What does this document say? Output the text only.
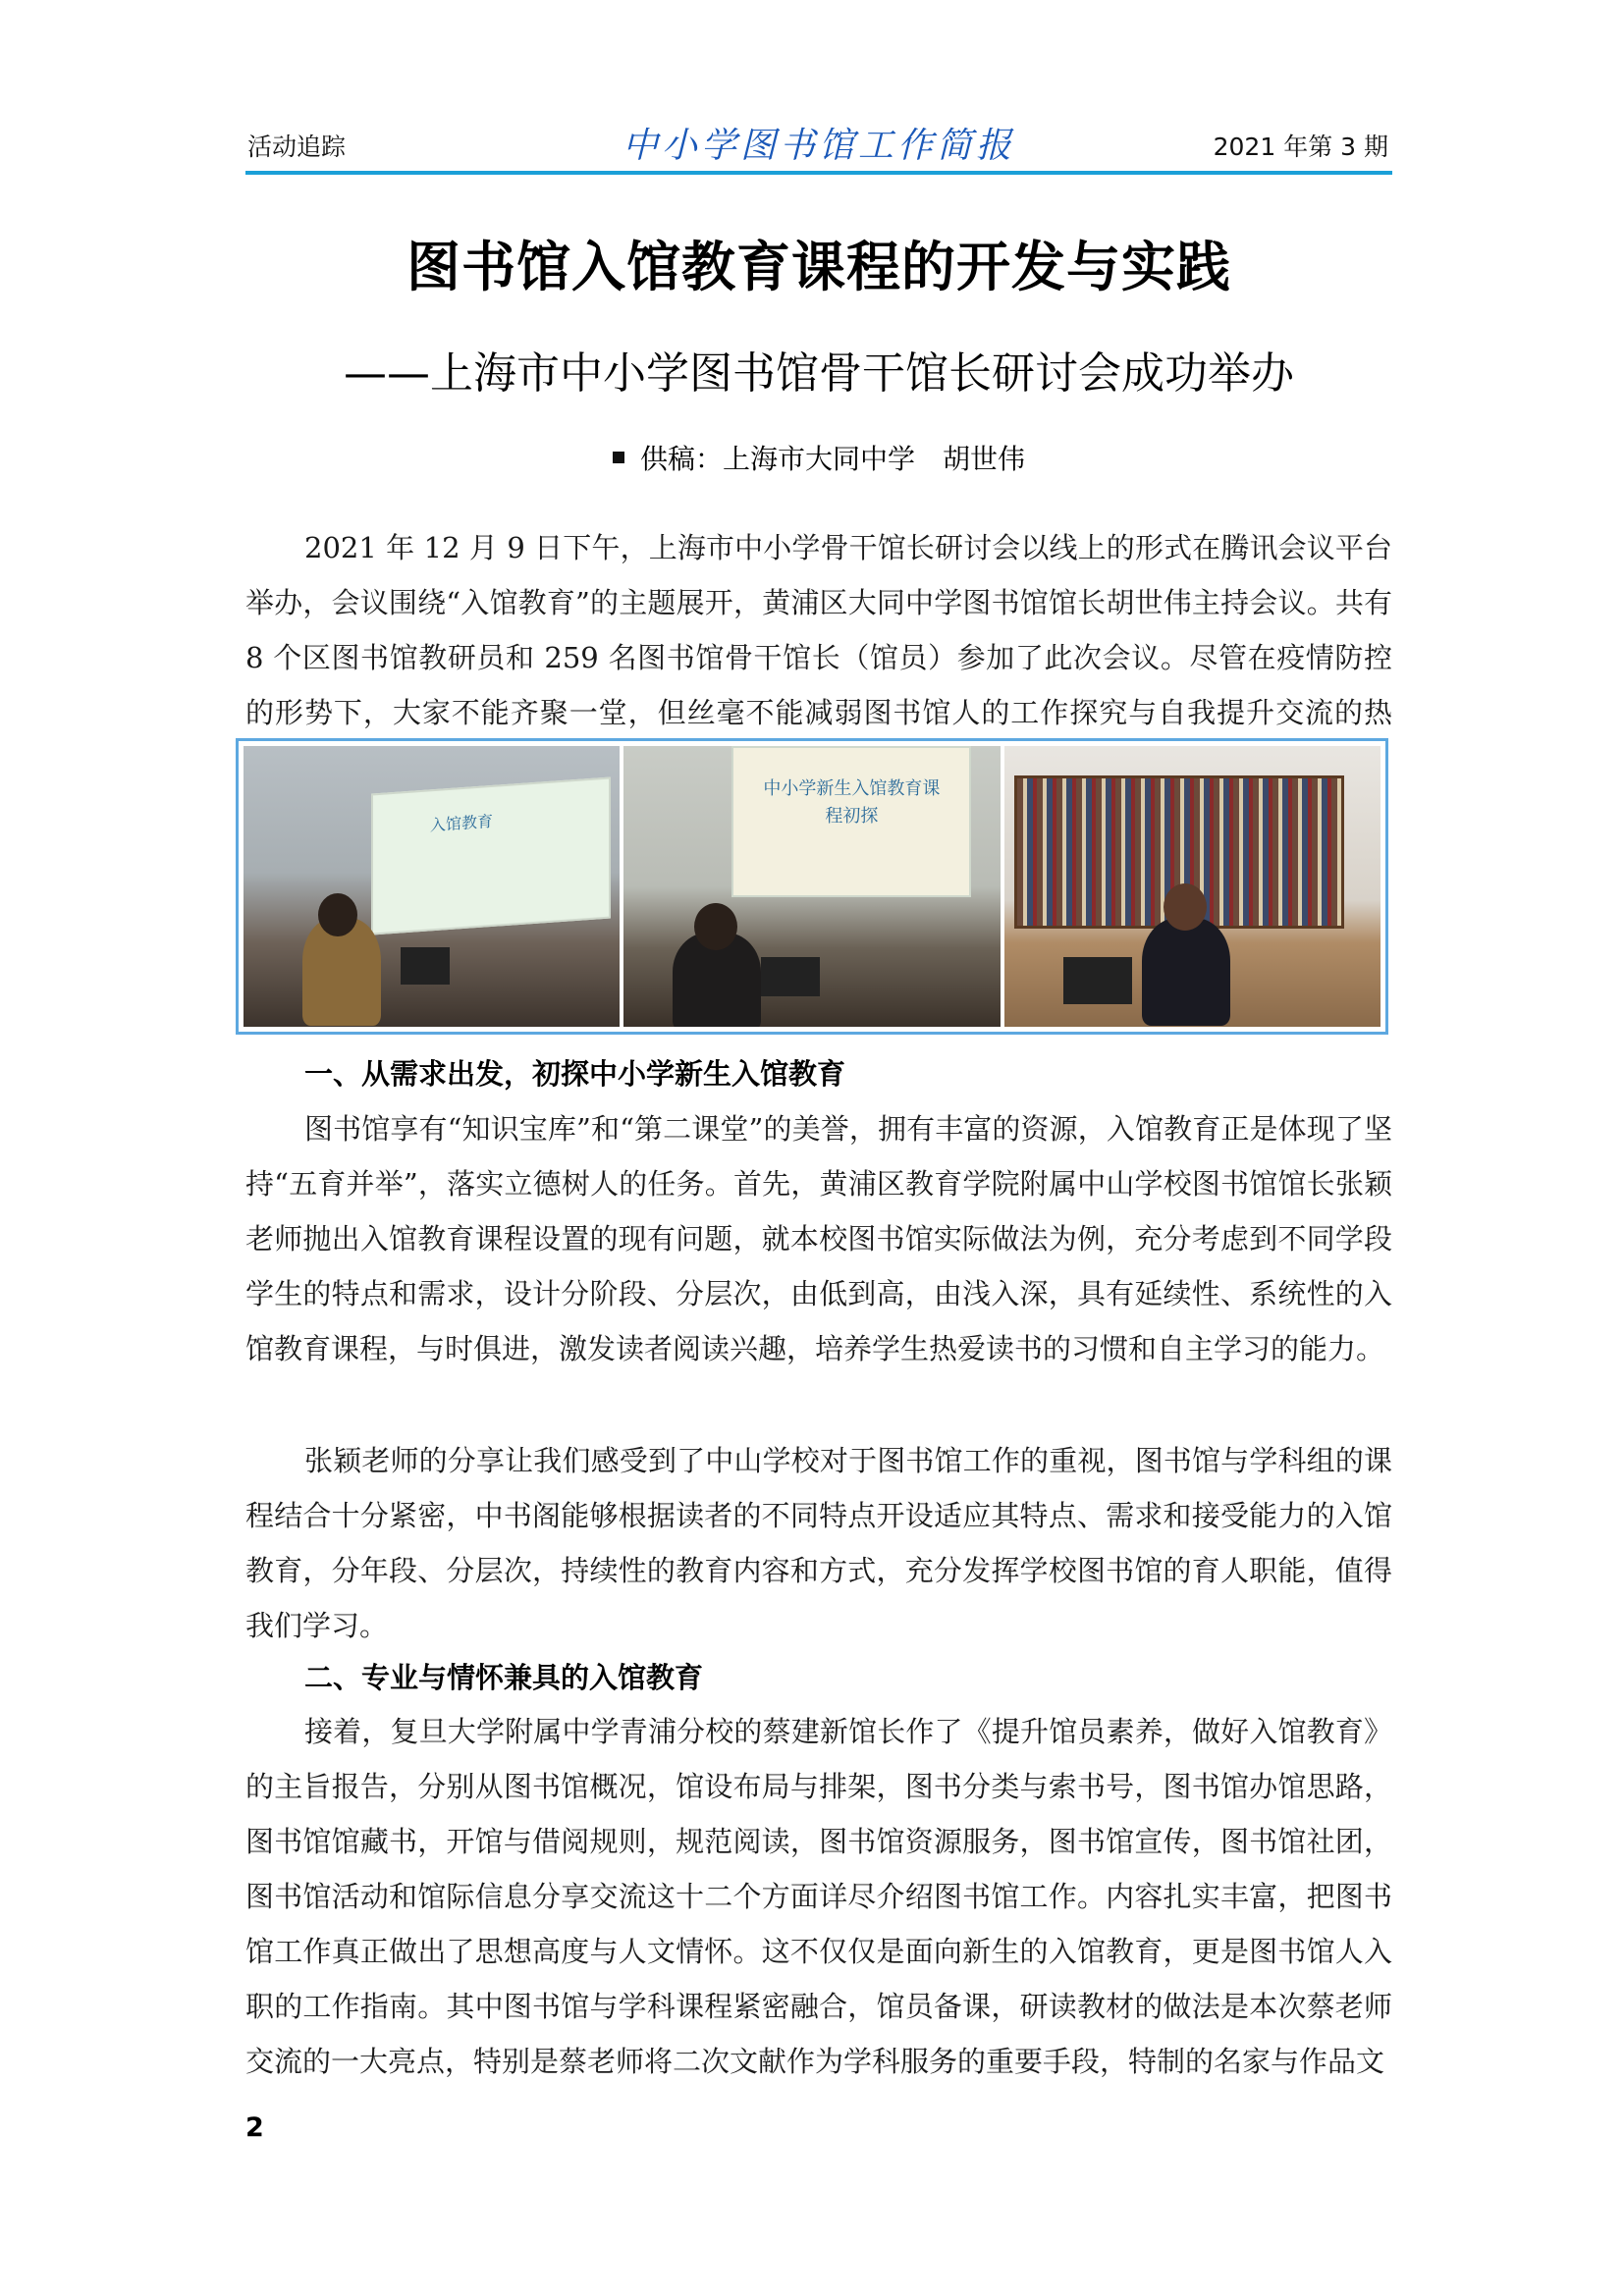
活动追踪	中小学图书馆工作简报	2021 年第 3 期
图书馆入馆教育课程的开发与实践
——上海市中小学图书馆骨干馆长研讨会成功举办
供稿：上海市大同中学　胡世伟
2021 年 12 月 9 日下午，上海市中小学骨干馆长研讨会以线上的形式在腾讯会议平台举办，会议围绕“入馆教育”的主题展开，黄浦区大同中学图书馆馆长胡世伟主持会议。共有 8 个区图书馆教研员和 259 名图书馆骨干馆长（馆员）参加了此次会议。尽管在疫情防控的形势下，大家不能齐聚一堂，但丝毫不能减弱图书馆人的工作探究与自我提升交流的热
入馆教育
中小学新生入馆教育课程初探
一、从需求出发，初探中小学新生入馆教育
图书馆享有“知识宝库”和“第二课堂”的美誉，拥有丰富的资源，入馆教育正是体现了坚持“五育并举”，落实立德树人的任务。首先，黄浦区教育学院附属中山学校图书馆馆长张颖老师抛出入馆教育课程设置的现有问题，就本校图书馆实际做法为例，充分考虑到不同学段学生的特点和需求，设计分阶段、分层次，由低到高，由浅入深，具有延续性、系统性的入馆教育课程，与时俱进，激发读者阅读兴趣，培养学生热爱读书的习惯和自主学习的能力。
张颖老师的分享让我们感受到了中山学校对于图书馆工作的重视，图书馆与学科组的课程结合十分紧密，中书阁能够根据读者的不同特点开设适应其特点、需求和接受能力的入馆教育，分年段、分层次，持续性的教育内容和方式，充分发挥学校图书馆的育人职能，值得我们学习。
二、专业与情怀兼具的入馆教育
接着，复旦大学附属中学青浦分校的蔡建新馆长作了《提升馆员素养，做好入馆教育》的主旨报告，分别从图书馆概况，馆设布局与排架，图书分类与索书号，图书馆办馆思路，图书馆馆藏书，开馆与借阅规则，规范阅读，图书馆资源服务，图书馆宣传，图书馆社团，图书馆活动和馆际信息分享交流这十二个方面详尽介绍图书馆工作。内容扎实丰富，把图书馆工作真正做出了思想高度与人文情怀。这不仅仅是面向新生的入馆教育，更是图书馆人入职的工作指南。其中图书馆与学科课程紧密融合，馆员备课，研读教材的做法是本次蔡老师交流的一大亮点，特别是蔡老师将二次文献作为学科服务的重要手段，特制的名家与作品文
2
